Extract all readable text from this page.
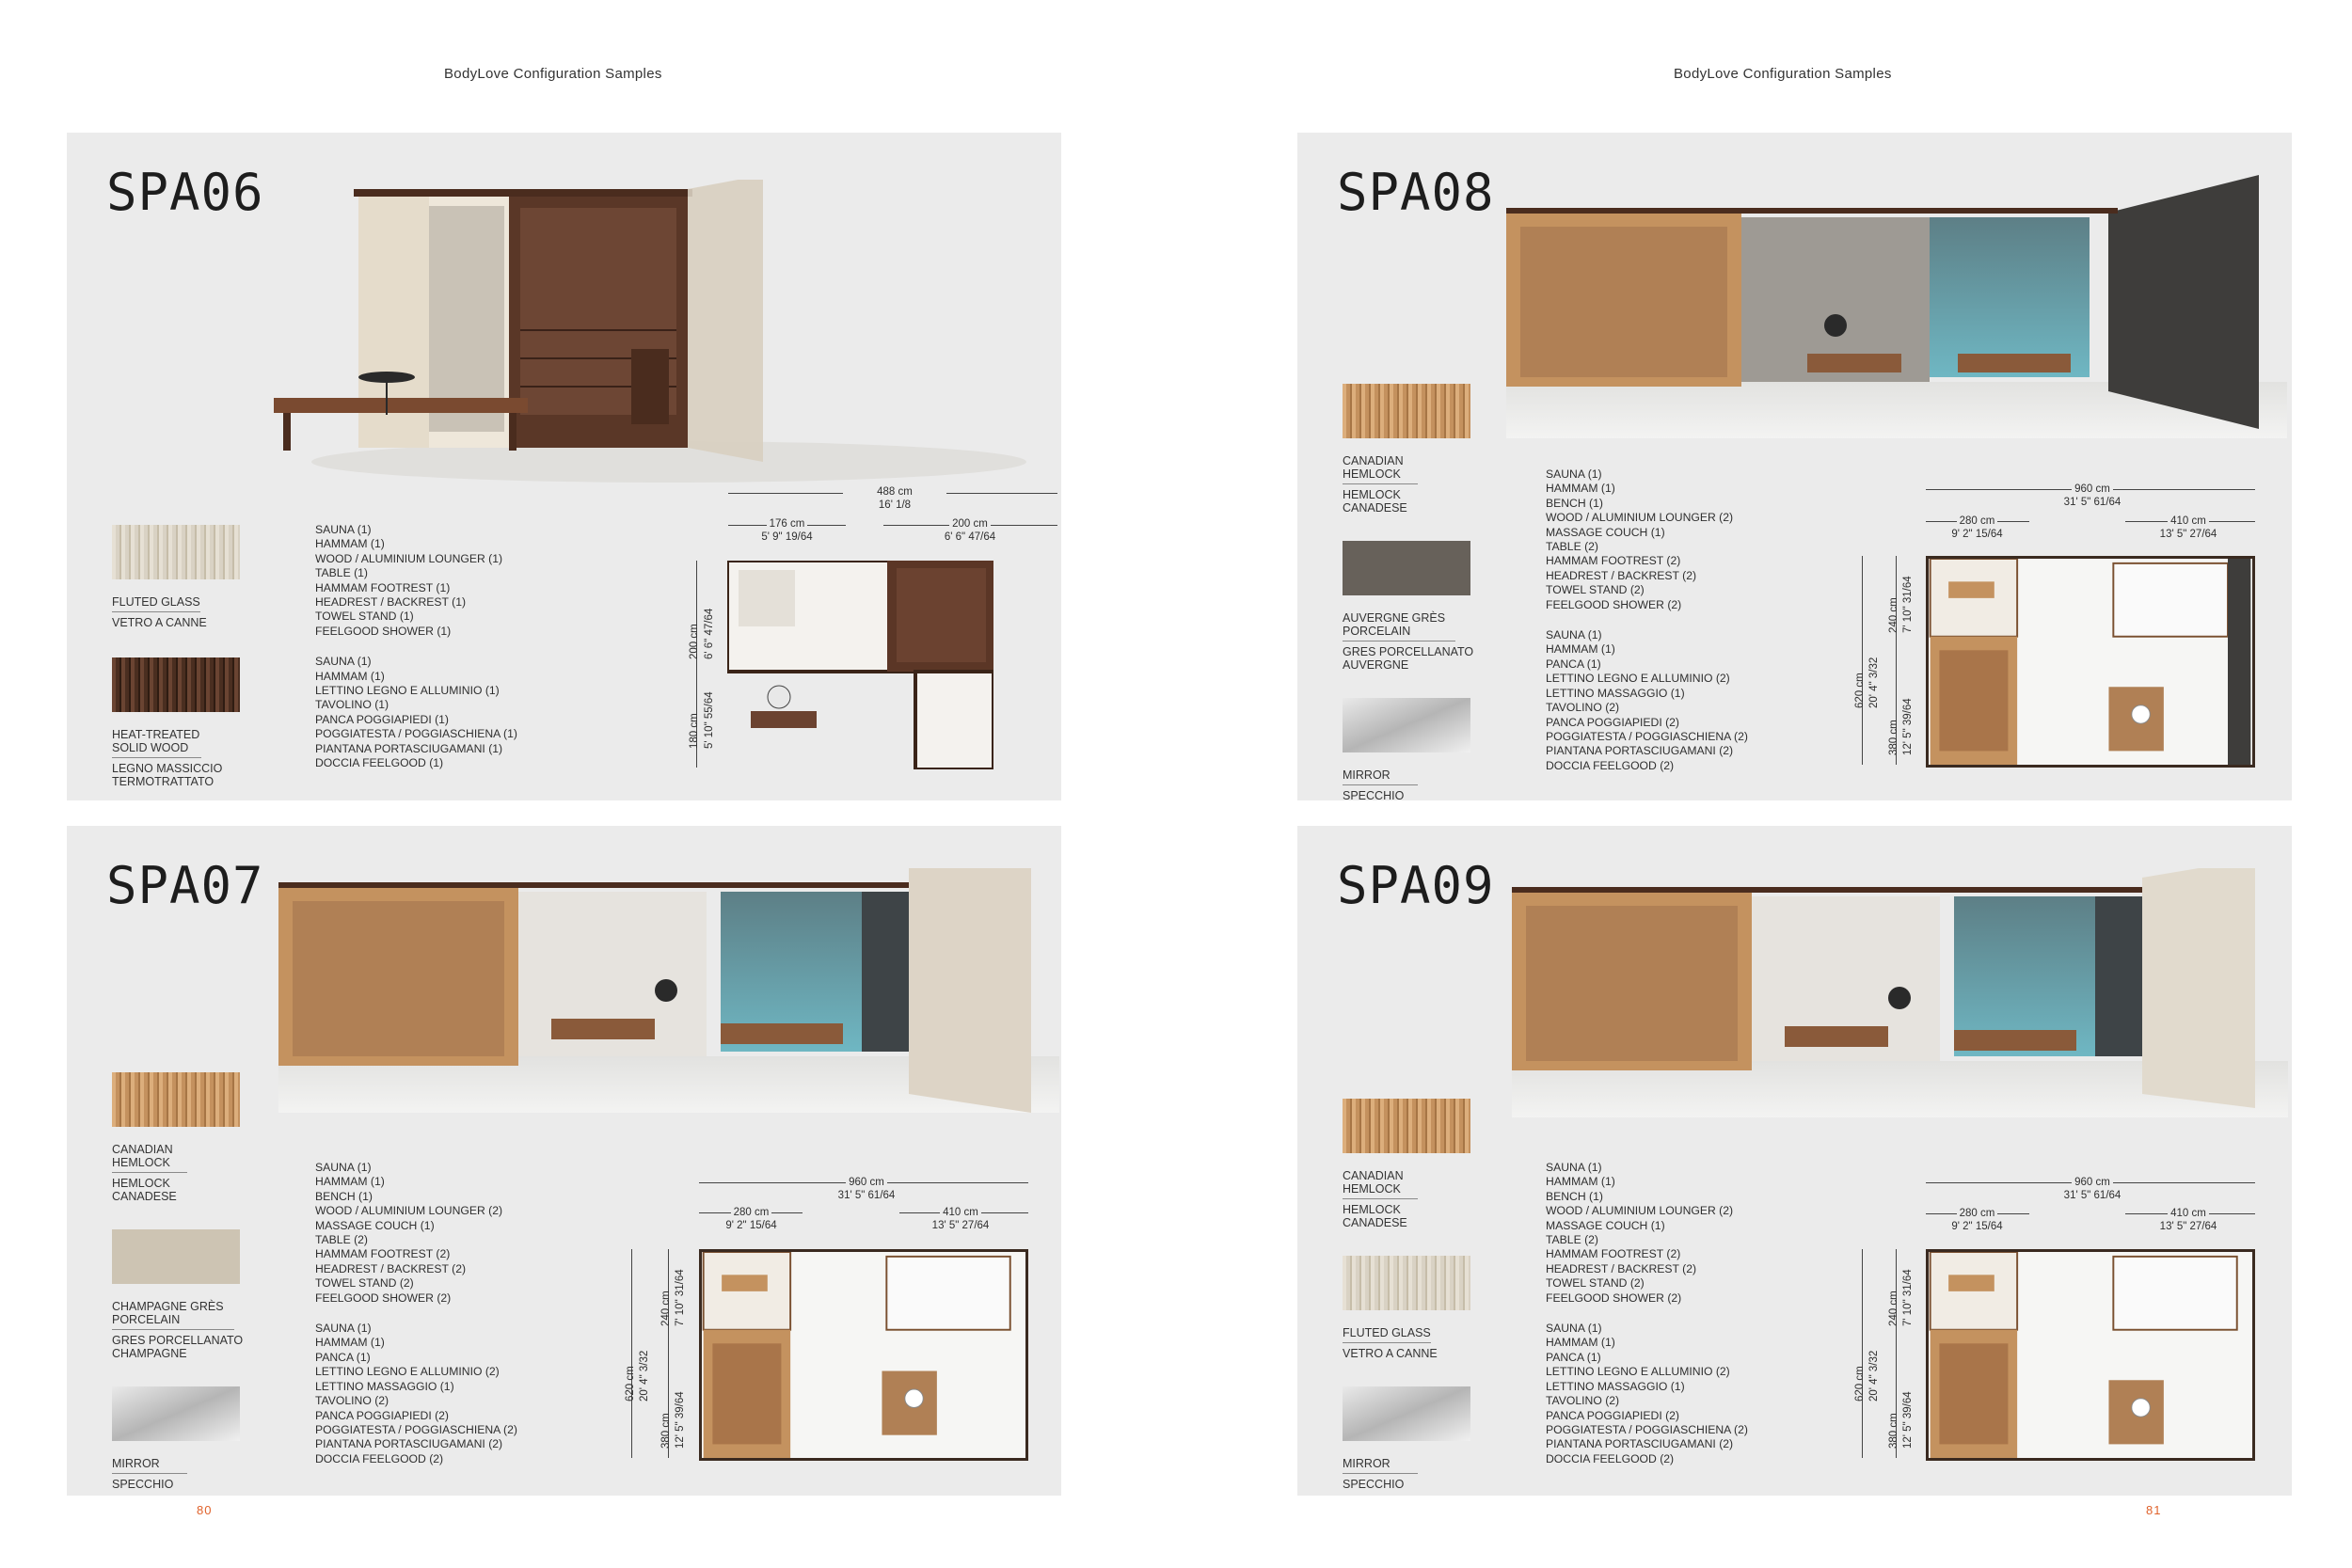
BodyLove Configuration Samples	BodyLove Configuration Samples
SPA06
FLUTED GLASS
VETRO A CANNE
HEAT-TREATED SOLID WOOD
LEGNO MASSICCIO TERMOTRATTATO
SAUNA (1)
HAMMAM (1)
WOOD / ALUMINIUM LOUNGER (1)
TABLE (1)
HAMMAM FOOTREST (1)
HEADREST / BACKREST (1)
TOWEL STAND (1)
FEELGOOD SHOWER (1)
SAUNA (1)
HAMMAM (1)
LETTINO LEGNO E ALLUMINIO (1)
TAVOLINO (1)
PANCA POGGIAPIEDI (1)
POGGIATESTA / POGGIASCHIENA (1)
PIANTANA PORTASCIUGAMANI (1)
DOCCIA FEELGOOD (1)
488 cm
16' 1/8
176 cm
5' 9" 19/64
200 cm
6' 6" 47/64
200 cm 6' 6" 47/64
180 cm 5' 10" 55/64
SPA07
CANADIAN HEMLOCK
HEMLOCK CANADESE
CHAMPAGNE GRÈS PORCELAIN
GRES PORCELLANATO CHAMPAGNE
MIRROR
SPECCHIO
SAUNA (1)
HAMMAM (1)
BENCH (1)
WOOD / ALUMINIUM LOUNGER (2)
MASSAGE COUCH (1)
TABLE (2)
HAMMAM FOOTREST (2)
HEADREST / BACKREST (2)
TOWEL STAND (2)
FEELGOOD SHOWER (2)
SAUNA (1)
HAMMAM (1)
PANCA (1)
LETTINO LEGNO E ALLUMINIO (2)
LETTINO MASSAGGIO (1)
TAVOLINO (2)
PANCA POGGIAPIEDI (2)
POGGIATESTA / POGGIASCHIENA (2)
PIANTANA PORTASCIUGAMANI (2)
DOCCIA FEELGOOD (2)
960 cm
31' 5" 61/64
280 cm
9' 2" 15/64
410 cm
13' 5" 27/64
620 cm 20' 4" 3/32
240 cm 7' 10" 31/64
380 cm 12' 5" 39/64
SPA08
CANADIAN HEMLOCK
HEMLOCK CANADESE
AUVERGNE GRÈS PORCELAIN
GRES PORCELLANATO AUVERGNE
MIRROR
SPECCHIO
SAUNA (1)
HAMMAM (1)
BENCH (1)
WOOD / ALUMINIUM LOUNGER (2)
MASSAGE COUCH (1)
TABLE (2)
HAMMAM FOOTREST (2)
HEADREST / BACKREST (2)
TOWEL STAND (2)
FEELGOOD SHOWER (2)
SAUNA (1)
HAMMAM (1)
PANCA (1)
LETTINO LEGNO E ALLUMINIO (2)
LETTINO MASSAGGIO (1)
TAVOLINO (2)
PANCA POGGIAPIEDI (2)
POGGIATESTA / POGGIASCHIENA (2)
PIANTANA PORTASCIUGAMANI (2)
DOCCIA FEELGOOD (2)
960 cm
31' 5" 61/64
280 cm
9' 2" 15/64
410 cm
13' 5" 27/64
620 cm 20' 4" 3/32
240 cm 7' 10" 31/64
380 cm 12' 5" 39/64
SPA09
CANADIAN HEMLOCK
HEMLOCK CANADESE
FLUTED GLASS
VETRO A CANNE
MIRROR
SPECCHIO
SAUNA (1)
HAMMAM (1)
BENCH (1)
WOOD / ALUMINIUM LOUNGER (2)
MASSAGE COUCH (1)
TABLE (2)
HAMMAM FOOTREST (2)
HEADREST / BACKREST (2)
TOWEL STAND (2)
FEELGOOD SHOWER (2)
SAUNA (1)
HAMMAM (1)
PANCA (1)
LETTINO LEGNO E ALLUMINIO (2)
LETTINO MASSAGGIO (1)
TAVOLINO (2)
PANCA POGGIAPIEDI (2)
POGGIATESTA / POGGIASCHIENA (2)
PIANTANA PORTASCIUGAMANI (2)
DOCCIA FEELGOOD (2)
960 cm
31' 5" 61/64
280 cm
9' 2" 15/64
410 cm
13' 5" 27/64
620 cm 20' 4" 3/32
240 cm 7' 10" 31/64
380 cm 12' 5" 39/64
80	81
